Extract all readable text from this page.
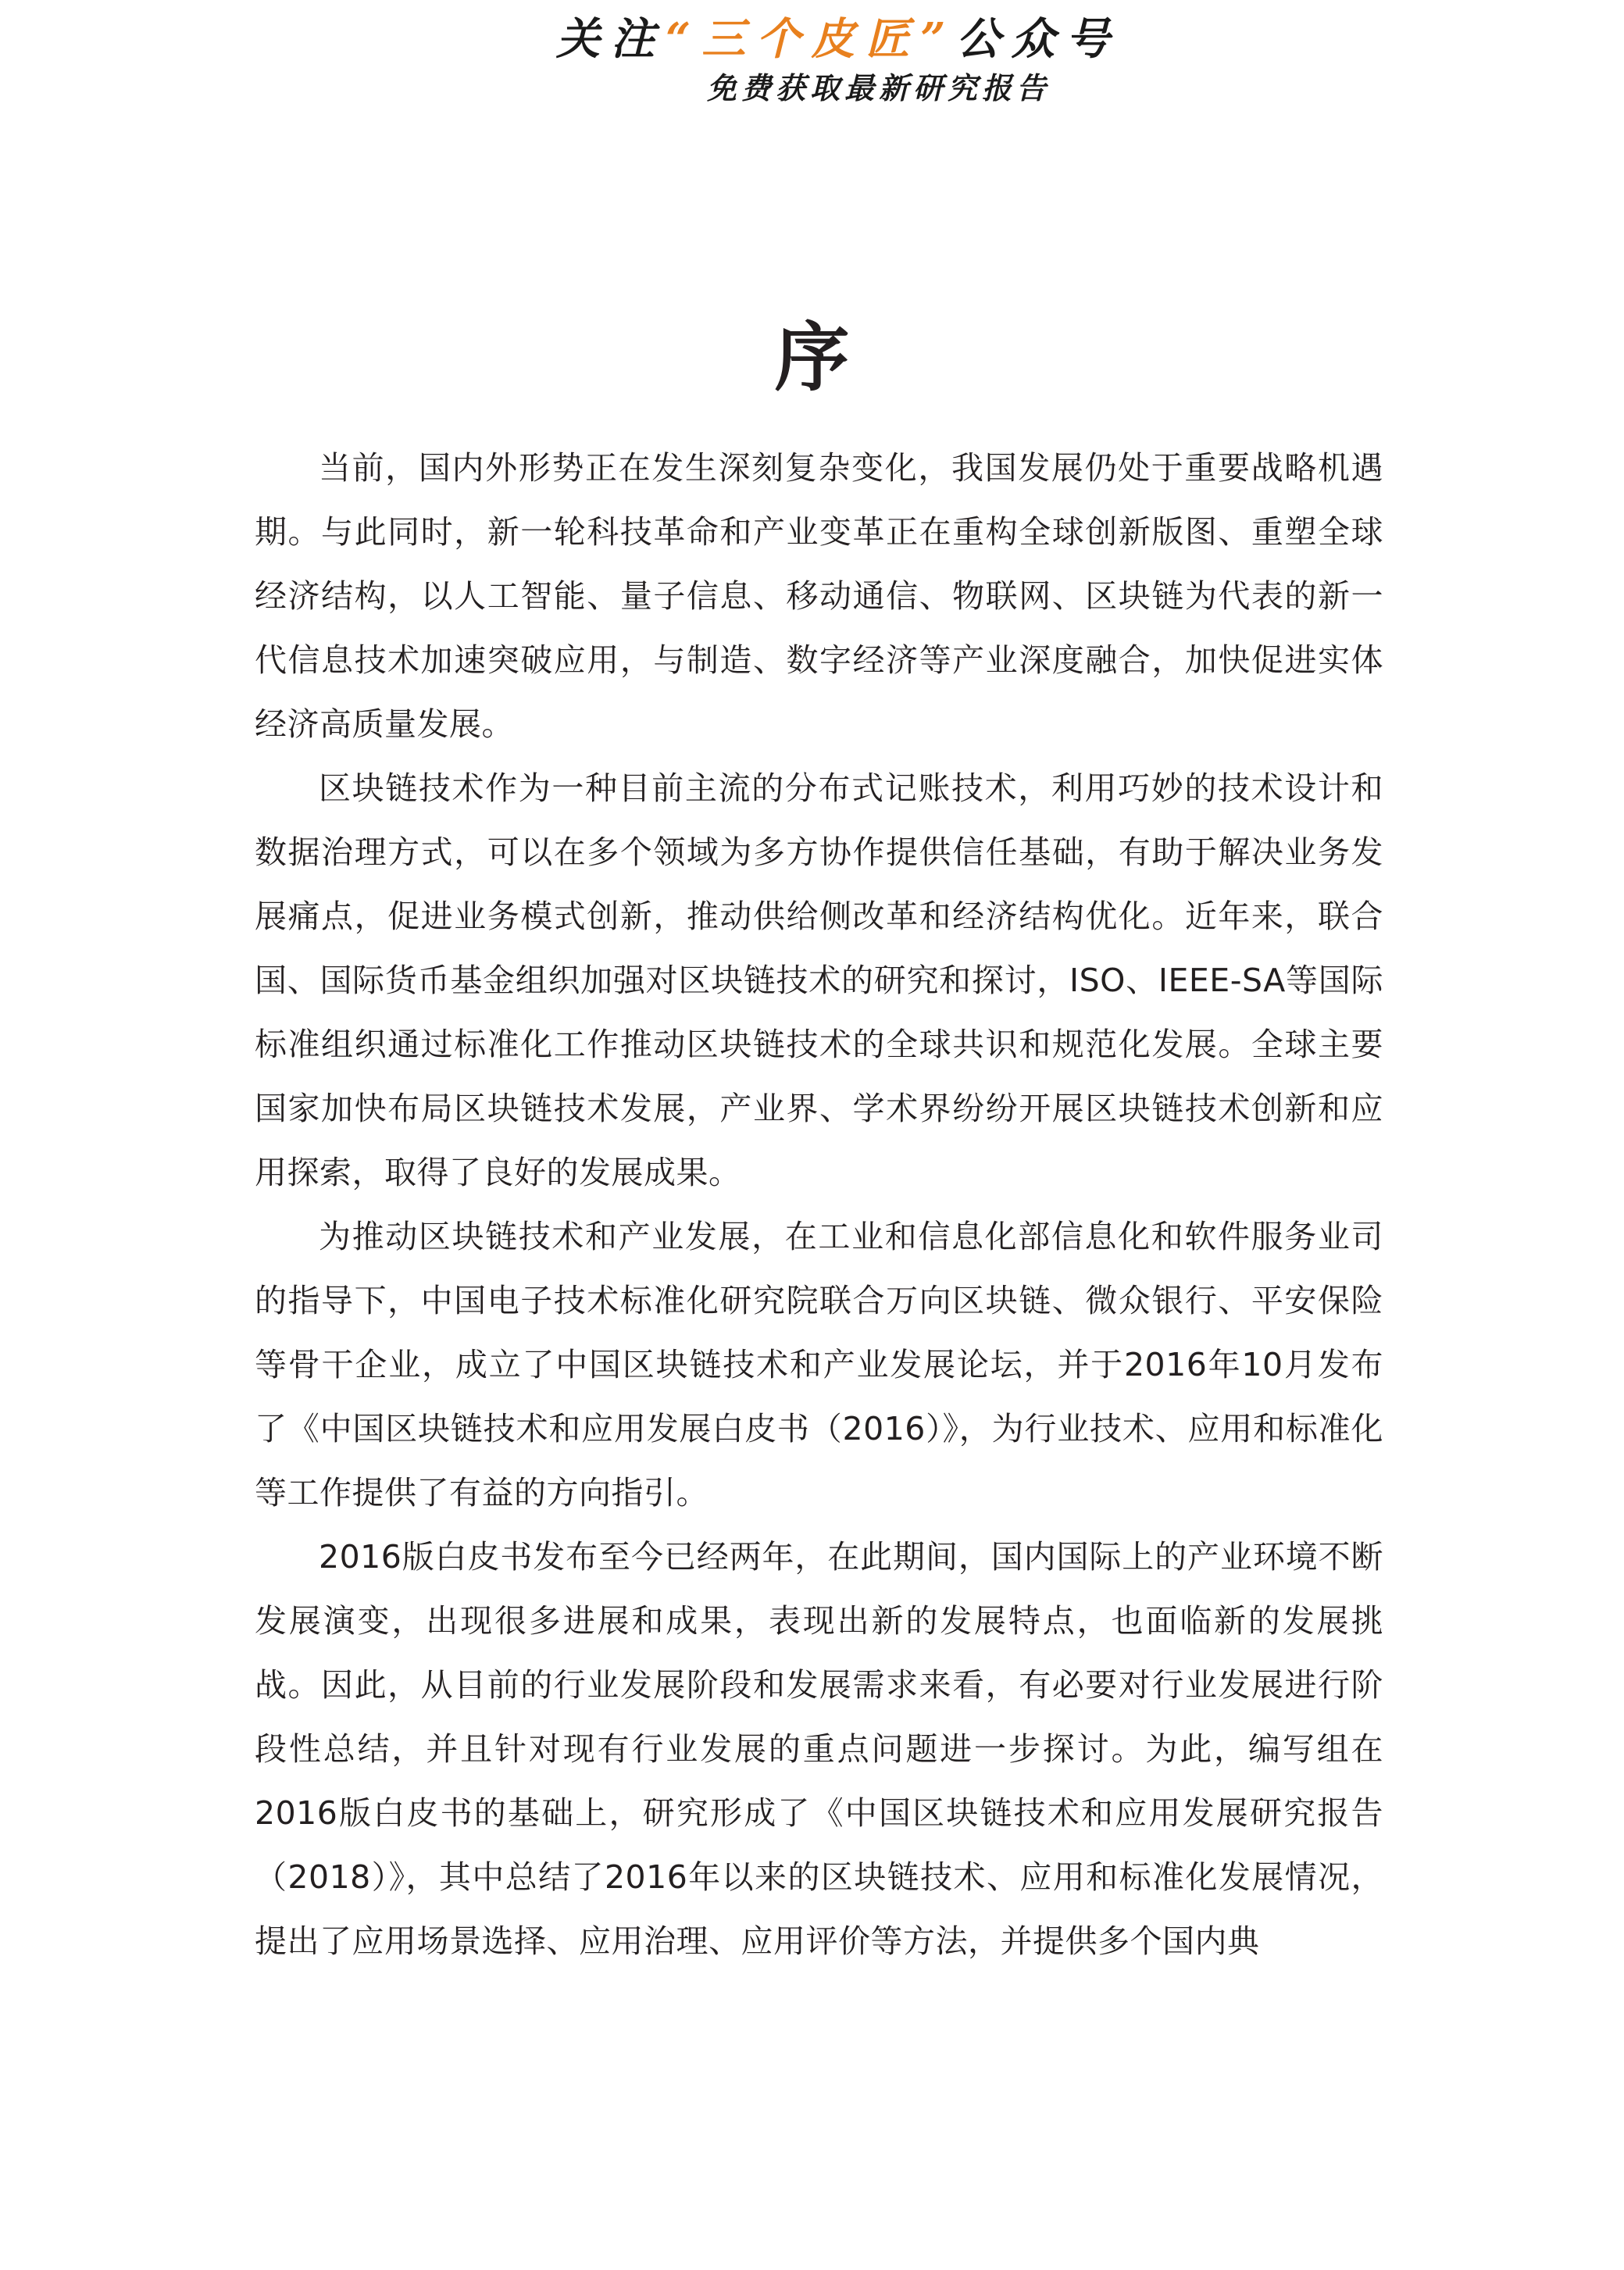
关注“三个皮匠”公众号
免费获取最新研究报告
序

当前，国内外形势正在发生深刻复杂变化，我国发展仍处于重要战略机遇期。与此同时，新一轮科技革命和产业变革正在重构全球创新版图、重塑全球经济结构，以人工智能、量子信息、移动通信、物联网、区块链为代表的新一代信息技术加速突破应用，与制造、数字经济等产业深度融合，加快促进实体经济高质量发展。

区块链技术作为一种目前主流的分布式记账技术，利用巧妙的技术设计和数据治理方式，可以在多个领域为多方协作提供信任基础，有助于解决业务发展痛点，促进业务模式创新，推动供给侧改革和经济结构优化。近年来，联合国、国际货币基金组织加强对区块链技术的研究和探讨，ISO、IEEE-SA等国际标准组织通过标准化工作推动区块链技术的全球共识和规范化发展。全球主要国家加快布局区块链技术发展，产业界、学术界纷纷开展区块链技术创新和应用探索，取得了良好的发展成果。

为推动区块链技术和产业发展，在工业和信息化部信息化和软件服务业司的指导下，中国电子技术标准化研究院联合万向区块链、微众银行、平安保险等骨干企业，成立了中国区块链技术和产业发展论坛，并于2016年10月发布了《中国区块链技术和应用发展白皮书（2016）》，为行业技术、应用和标准化等工作提供了有益的方向指引。

2016版白皮书发布至今已经两年，在此期间，国内国际上的产业环境不断发展演变，出现很多进展和成果，表现出新的发展特点，也面临新的发展挑战。因此，从目前的行业发展阶段和发展需求来看，有必要对行业发展进行阶段性总结，并且针对现有行业发展的重点问题进一步探讨。为此，编写组在2016版白皮书的基础上，研究形成了《中国区块链技术和应用发展研究报告（2018）》，其中总结了2016年以来的区块链技术、应用和标准化发展情况，提出了应用场景选择、应用治理、应用评价等方法，并提供多个国内典
